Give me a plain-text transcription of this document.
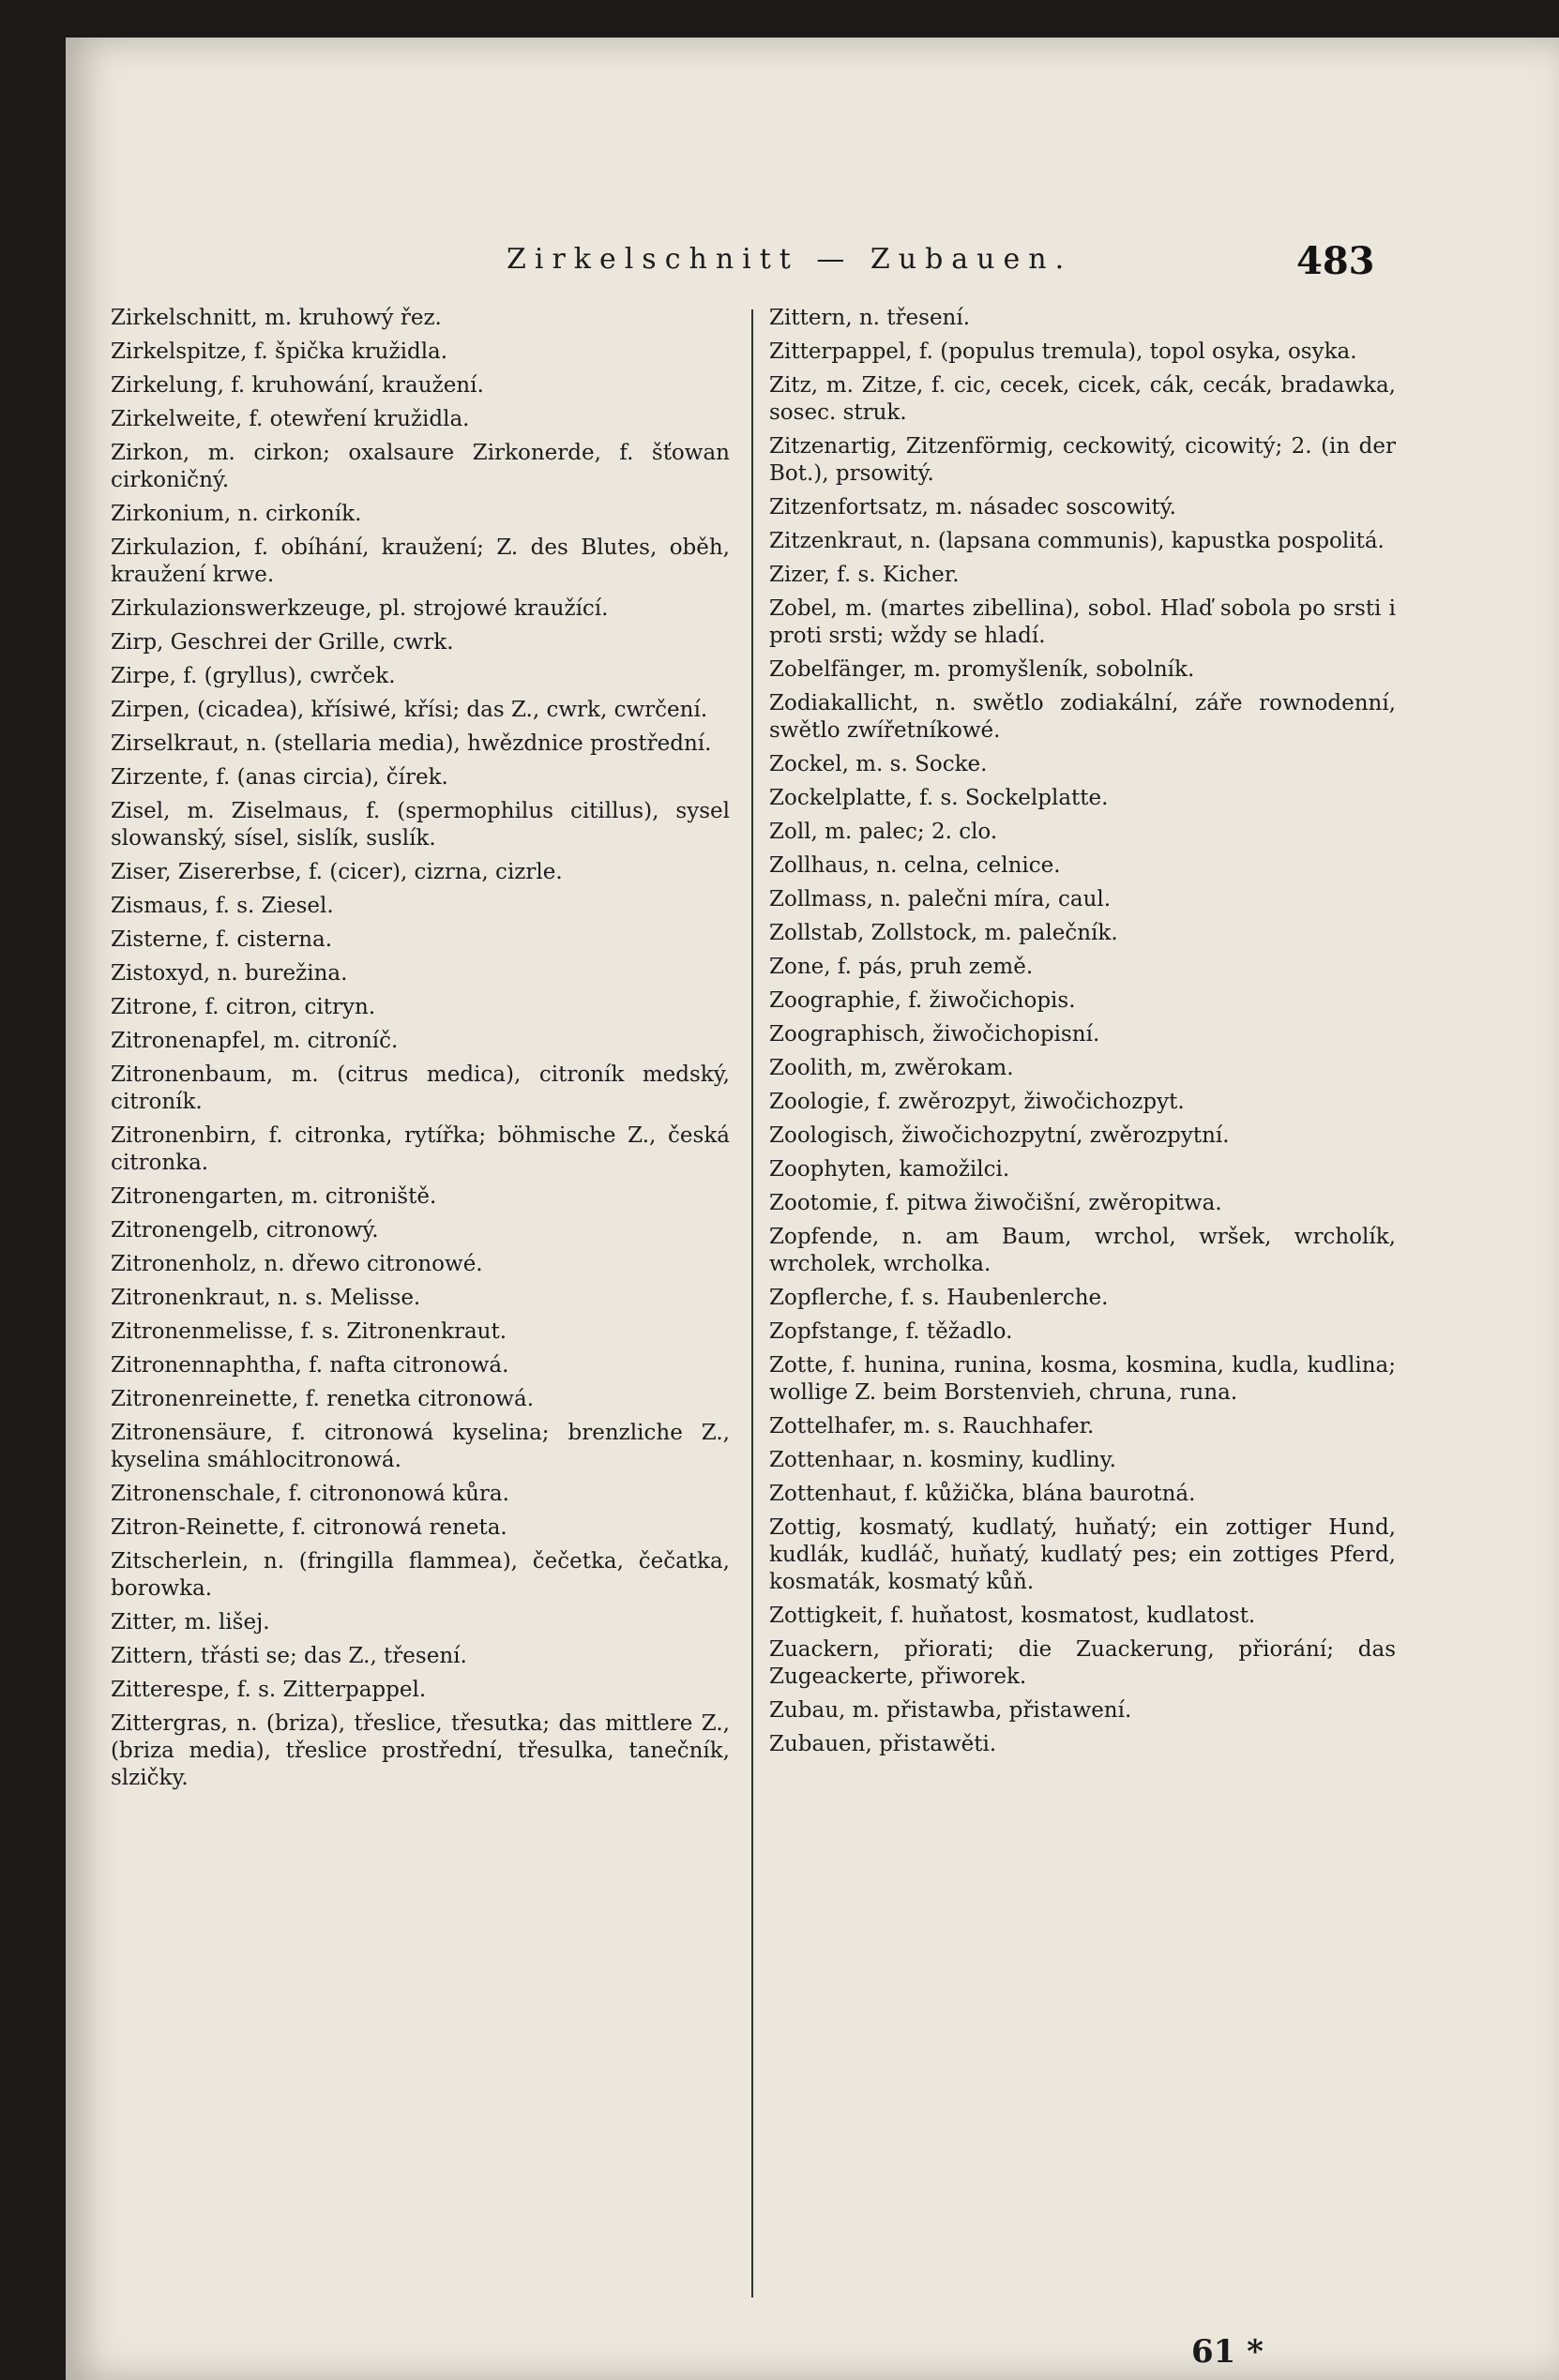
Zirkelschnitt — Zubauen.	483

Zirkelschnitt, m. kruhowý řez.

Zirkelspitze, f. špička kružidla.

Zirkelung, f. kruhowání, kraužení.

Zirkelweite, f. otewření kružidla.

Zirkon, m. cirkon; oxalsaure Zirkonerde, f. šťowan cirkoničný.

Zirkonium, n. cirkoník.

Zirkulazion, f. obíhání, kraužení; Z. des Blutes, oběh, kraužení krwe.

Zirkulazionswerkzeuge, pl. strojowé kraužící.

Zirp, Geschrei der Grille, cwrk.

Zirpe, f. (gryllus), cwrček.

Zirpen, (cicadea), křísiwé, křísi; das Z., cwrk, cwrčení.

Zirselkraut, n. (stellaria media), hwězdnice prostřední.

Zirzente, f. (anas circia), čírek.

Zisel, m. Ziselmaus, f. (spermophilus citillus), sysel slowanský, sísel, sislík, suslík.

Ziser, Zisererbse, f. (cicer), cizrna, cizrle.

Zismaus, f. s. Ziesel.

Zisterne, f. cisterna.

Zistoxyd, n. burežina.

Zitrone, f. citron, citryn.

Zitronenapfel, m. citroníč.

Zitronenbaum, m. (citrus medica), citroník medský, citroník.

Zitronenbirn, f. citronka, rytířka; böhmische Z., česká citronka.

Zitronengarten, m. citroniště.

Zitronengelb, citronowý.

Zitronenholz, n. dřewo citronowé.

Zitronenkraut, n. s. Melisse.

Zitronenmelisse, f. s. Zitronenkraut.

Zitronennaphtha, f. nafta citronowá.

Zitronenreinette, f. renetka citronowá.

Zitronensäure, f. citronowá kyselina; brenzliche Z., kyselina smáhlocitronowá.

Zitronenschale, f. citrononowá kůra.

Zitron-Reinette, f. citronowá reneta.

Zitscherlein, n. (fringilla flammea), čečetka, čečatka, borowka.

Zitter, m. lišej.

Zittern, třásti se; das Z., třesení.

Zitterespe, f. s. Zitterpappel.

Zittergras, n. (briza), třeslice, třesutka; das mittlere Z., (briza media), třeslice prostřední, třesulka, tanečník, slzičky.

Zittern, n. třesení.

Zitterpappel, f. (populus tremula), topol osyka, osyka.

Zitz, m. Zitze, f. cic, cecek, cicek, cák, cecák, bradawka, sosec. struk.

Zitzenartig, Zitzenförmig, ceckowitý, cicowitý; 2. (in der Bot.), prsowitý.

Zitzenfortsatz, m. násadec soscowitý.

Zitzenkraut, n. (lapsana communis), kapustka pospolitá.

Zizer, f. s. Kicher.

Zobel, m. (martes zibellina), sobol. Hlaď sobola po srsti i proti srsti; wždy se hladí.

Zobelfänger, m. promyšleník, sobolník.

Zodiakallicht, n. swětlo zodiakální, záře rownodenní, swětlo zwířetníkowé.

Zockel, m. s. Socke.

Zockelplatte, f. s. Sockelplatte.

Zoll, m. palec; 2. clo.

Zollhaus, n. celna, celnice.

Zollmass, n. palečni míra, caul.

Zollstab, Zollstock, m. palečník.

Zone, f. pás, pruh země.

Zoographie, f. žiwočichopis.

Zoographisch, žiwočichopisní.

Zoolith, m, zwěrokam.

Zoologie, f. zwěrozpyt, žiwočichozpyt.

Zoologisch, žiwočichozpytní, zwěrozpytní.

Zoophyten, kamožilci.

Zootomie, f. pitwa žiwočišní, zwěropitwa.

Zopfende, n. am Baum, wrchol, wršek, wrcholík, wrcholek, wrcholka.

Zopflerche, f. s. Haubenlerche.

Zopfstange, f. těžadlo.

Zotte, f. hunina, runina, kosma, kosmina, kudla, kudlina; wollige Z. beim Borstenvieh, chruna, runa.

Zottelhafer, m. s. Rauchhafer.

Zottenhaar, n. kosminy, kudliny.

Zottenhaut, f. kůžička, blána baurotná.

Zottig, kosmatý, kudlatý, huňatý; ein zottiger Hund, kudlák, kudláč, huňatý, kudlatý pes; ein zottiges Pferd, kosmaták, kosmatý kůň.

Zottigkeit, f. huňatost, kosmatost, kudlatost.

Zuackern, přiorati; die Zuackerung, přiorání; das Zugeackerte, přiworek.

Zubau, m. přistawba, přistawení.

Zubauen, přistawěti.

61 *
